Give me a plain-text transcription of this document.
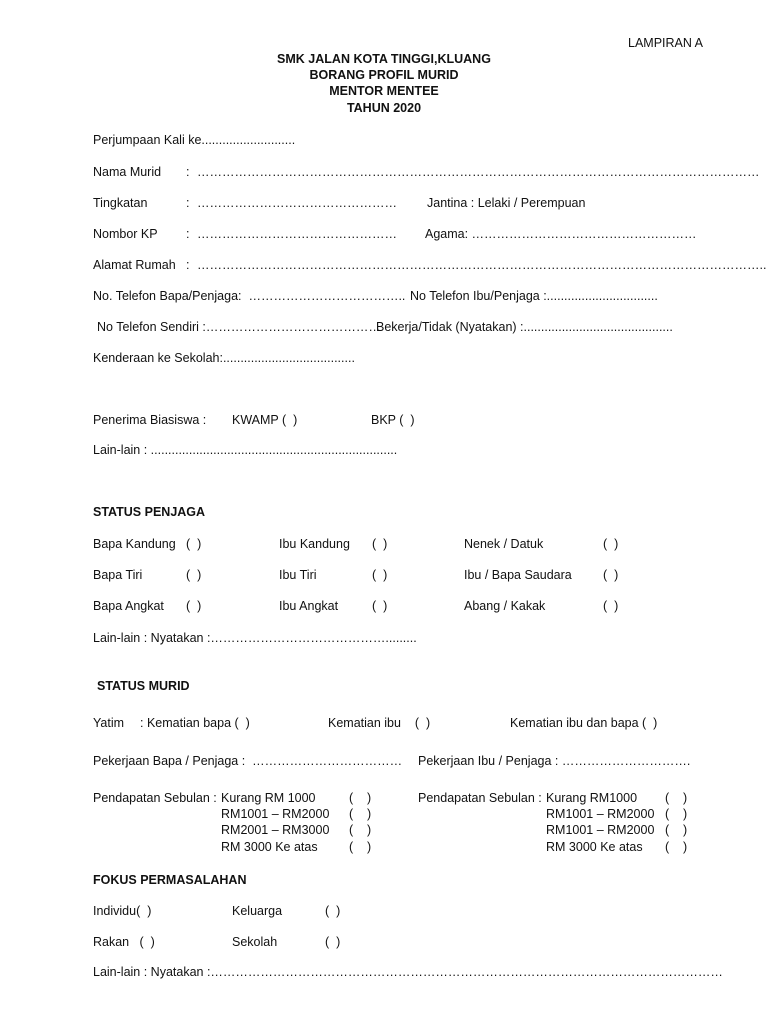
LAMPIRAN A
SMK JALAN KOTA TINGGI,KLUANG
BORANG PROFIL MURID
MENTOR MENTEE
TAHUN 2020
Perjumpaan Kali ke...........................
Nama Murid : ………………………………………………………………………………………………………………………
Tingkatan	: ………………………………………… Jantina : Lelaki / Perempuan
Nombor KP : ………………………………………… Agama: ………………………………………………
Alamat Rumah : ………………………………………………………………………………………………………………………..
No. Telefon Bapa/Penjaga:  ……………………………….. No Telefon Ibu/Penjaga :................................
No Telefon Sendiri :……………………………………
Bekerja/Tidak (Nyatakan) :...........................................
Kenderaan ke Sekolah:......................................
Penerima Biasiswa : KWAMP (  )	BKP (  )
Lain-lain : .......................................................................
STATUS PENJAGA
Bapa Kandung (  )	Ibu Kandung (  )	Nenek / Datuk	(  )
Bapa Tiri	(  )	Ibu Tiri	(  )	Ibu / Bapa Saudara	(  )
Bapa Angkat (  )	Ibu Angkat	(  )	Abang / Kakak	(  )
Lain-lain : Nyatakan :…………………………………….........
STATUS MURID
Yatim : Kematian bapa (  )	Kematian ibu    (  )	Kematian ibu dan bapa (  )
Pekerjaan Bapa / Penjaga :  ……………………………… Pekerjaan Ibu / Penjaga : ………………………….
Pendapatan Sebulan : Kurang RM 1000	(    )
RM1001 – RM2000 (    )
RM2001 – RM3000 (    )
RM 3000 Ke atas	(    )
Pendapatan Sebulan : Kurang RM1000 (    )
RM1001 – RM2000 (    )
RM1001 – RM2000 (    )
RM 3000 Ke atas (    )
FOKUS PERMASALAHAN
Individu(  )	Keluarga	(  )
Rakan   (  )	Sekolah	(  )
Lain-lain : Nyatakan :……………………………………………………………………………………………………………
